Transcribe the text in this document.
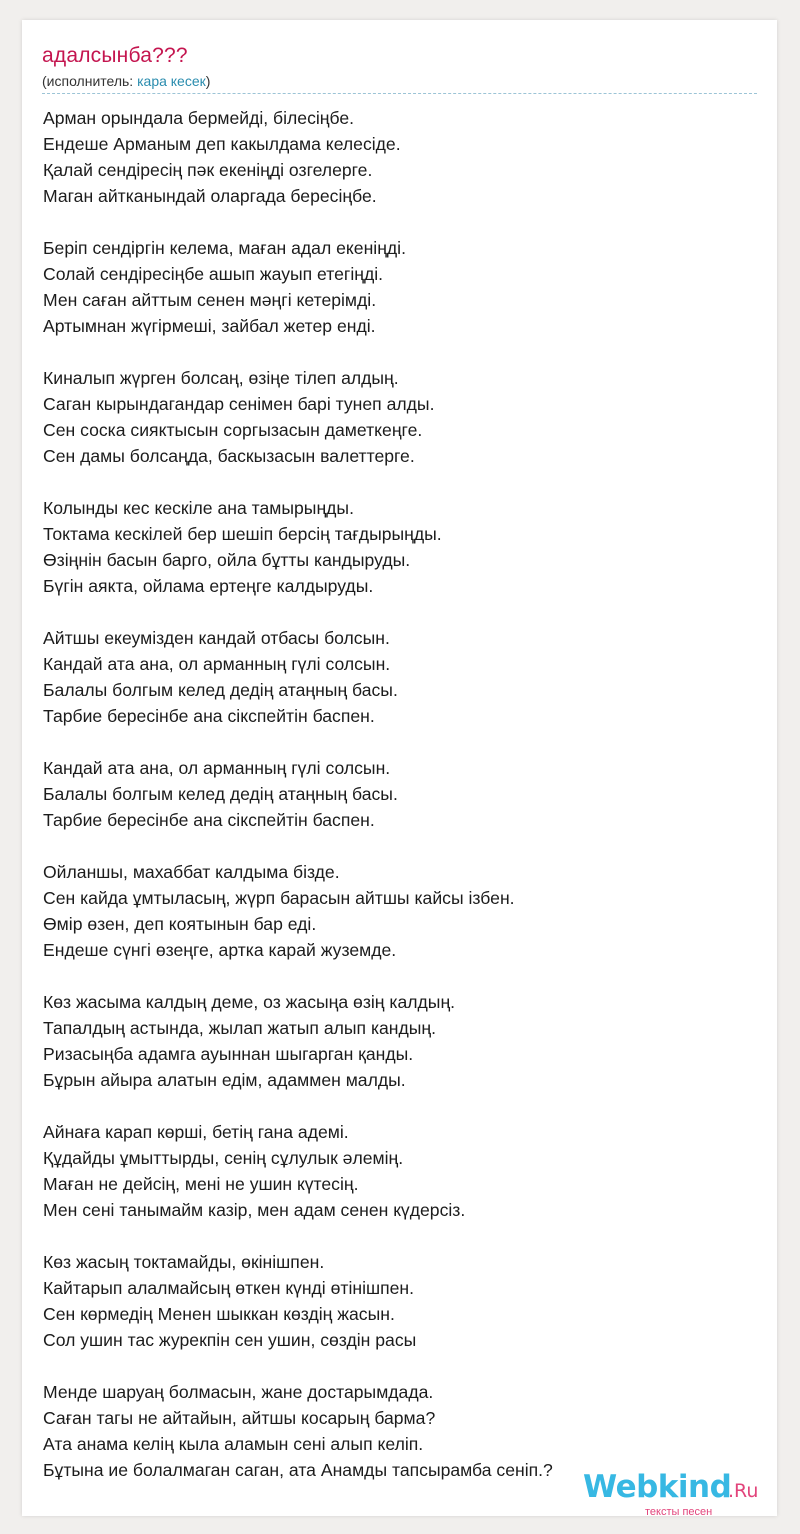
адалсынба???
(исполнитель: кара кесек)
Арман орындала бермейді, білесіңбе.
Ендеше Арманым деп какылдама келесіде.
Қалай сендіресің пәк екеніңді озгелерге.
Маган айтканындай оларгада бересіңбе.
Беріп сендіргін келема, маған адал екеніңді.
Солай сендіресіңбе ашып жауып етегіңді.
Мен саған айттым сенен мәңгі кетерімді.
Артымнан жүгірмеші, зайбал жетер енді.
Киналып жүрген болсаң, өзіңе тілеп алдың.
Саган кырындагандар сенімен барі тунеп алды.
Сен соска сияктысын соргызасын даметкеңге.
Сен дамы болсаңда, баскызасын валеттерге.
Колынды кес кескіле ана тамырыңды.
Токтама кескілей бер шешіп берсің тағдырыңды.
Өзіңнін басын барго, ойла бұтты кандыруды.
Бүгін аякта, ойлама ертеңге калдыруды.
Айтшы екеумізден кандай отбасы болсын.
Кандай ата ана, ол арманның гүлі солсын.
Балалы болгым келед дедің атаңның басы.
Тарбие бересінбе ана сікспейтін баспен.
Кандай ата ана, ол арманның гүлі солсын.
Балалы болгым келед дедің атаңның басы.
Тарбие бересінбе ана сікспейтін баспен.
Ойланшы, махаббат калдыма бізде.
Сен кайда ұмтыласың, жүрп барасын айтшы кайсы ізбен.
Өмір өзен, деп коятынын бар еді.
Ендеше сүнгі өзеңге, артка карай жуземде.
Көз жасыма калдың деме, оз жасыңа өзің калдың.
Тапалдың астында, жылап жатып алып кандың.
Ризасыңба адамга ауыннан шыгарган қанды.
Бұрын айыра алатын едім, адаммен малды.
Айнаға карап көрші, бетің гана адемі.
Құдайды ұмыттырды, сенің сұлулык әлемің.
Маған не дейсің, мені не ушин күтесің.
Мен сені танымайм казір, мен адам сенен күдерсіз.
Көз жасың токтамайды, өкінішпен.
Кайтарып алалмайсың өткен күнді өтінішпен.
Сен көрмедің Менен шыккан көздің жасын.
Сол ушин тас журекпін сен ушин, сөздін расы
Менде шаруаң болмасын, жане достарымдада.
Саған тагы не айтайын, айтшы косарың барма?
Ата анама келің кыла аламын сені алып келіп.
Бұтына ие болалмаган саган, ата Анамды тапсырамба сеніп.? Webkind
.Ru
тексты песен
